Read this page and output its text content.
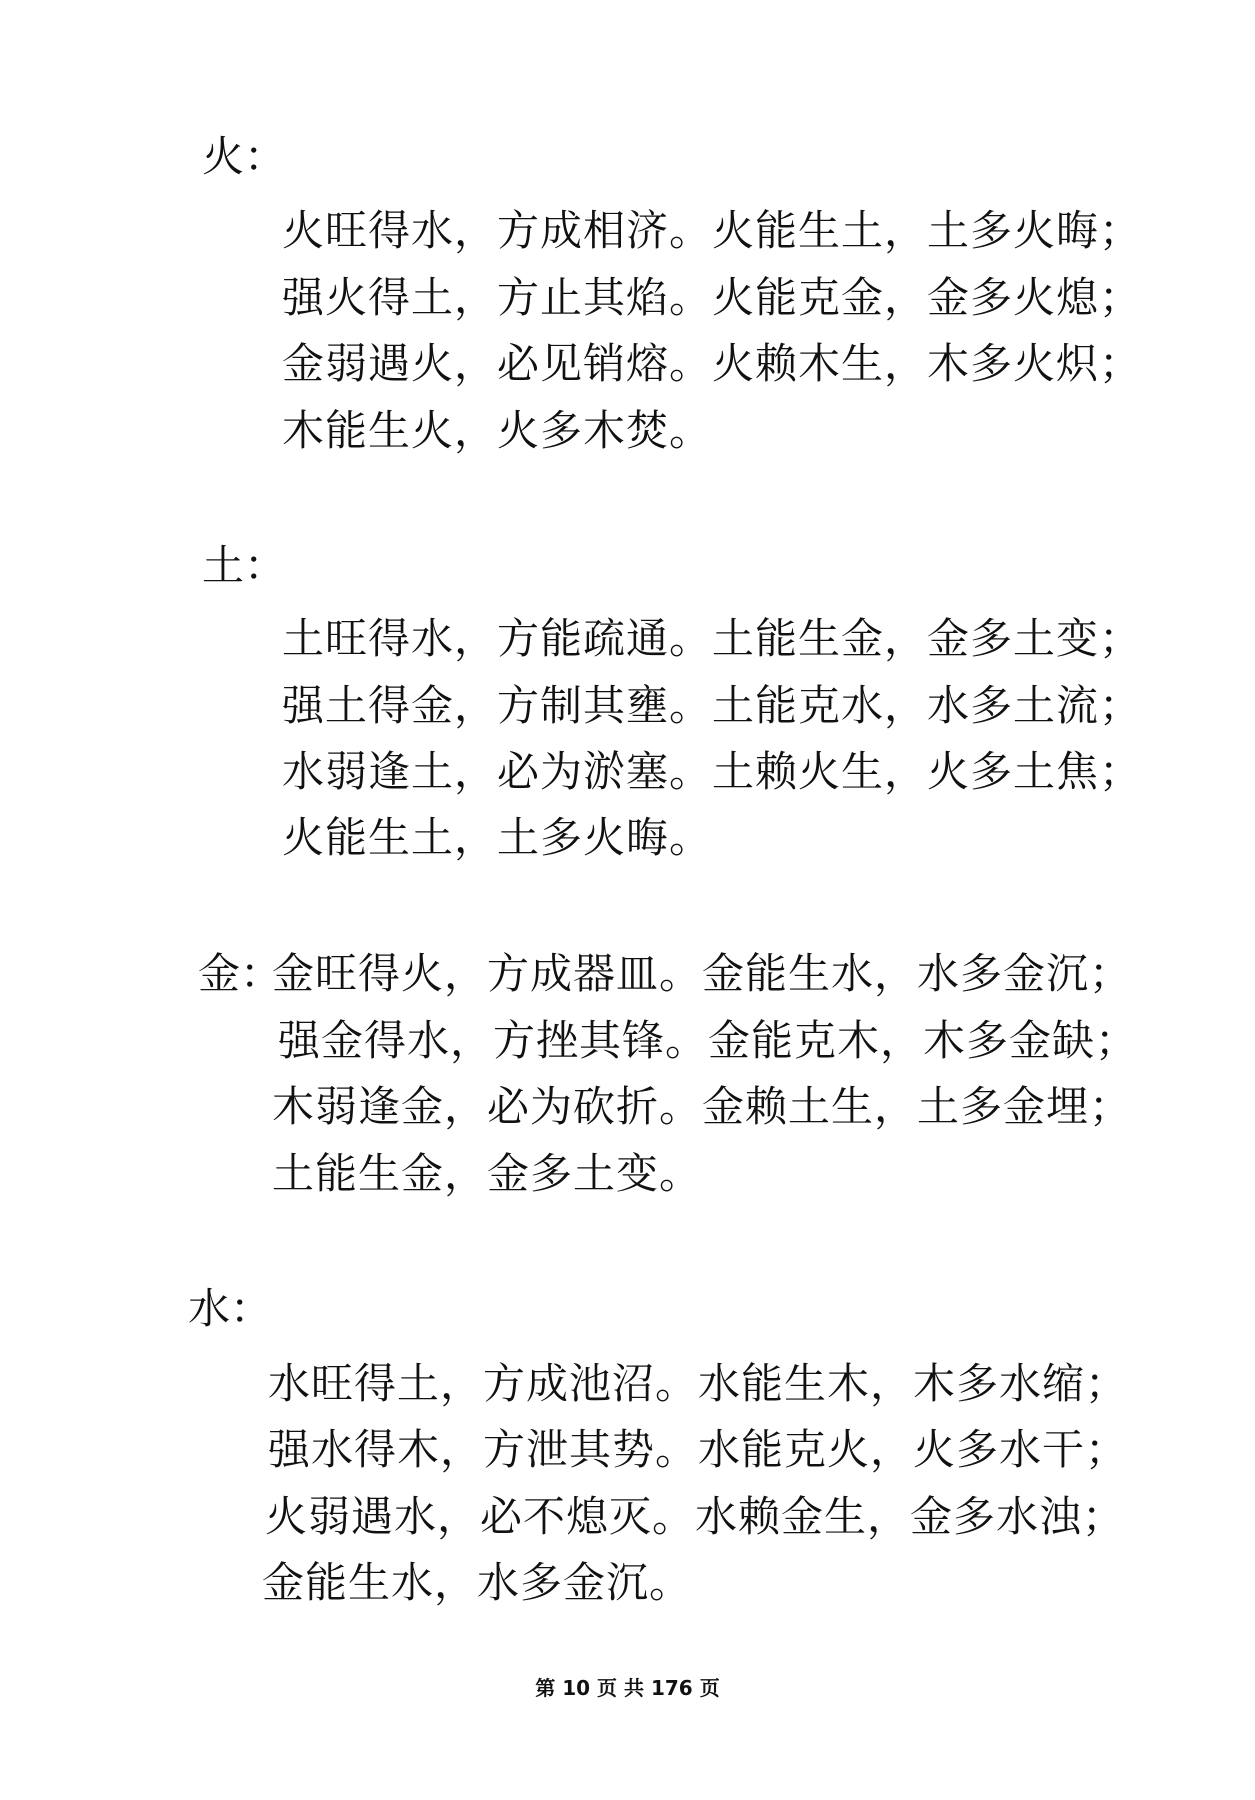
火：
火旺得水，方成相济。火能生土，土多火晦；
强火得土，方止其焰。火能克金，金多火熄；
金弱遇火，必见销熔。火赖木生，木多火炽；
木能生火，火多木焚。
土：
土旺得水，方能疏通。土能生金，金多土变；
强土得金，方制其壅。土能克水，水多土流；
水弱逢土，必为淤塞。土赖火生，火多土焦；
火能生土，土多火晦。
金：
金旺得火，方成器皿。金能生水，水多金沉；
强金得水，方挫其锋。金能克木，木多金缺；
木弱逢金，必为砍折。金赖土生，土多金埋；
土能生金，金多土变。
水：
水旺得土，方成池沼。水能生木，木多水缩；
强水得木，方泄其势。水能克火，火多水干；
火弱遇水，必不熄灭。水赖金生，金多水浊；
金能生水，水多金沉。
第 10 页 共 176 页
